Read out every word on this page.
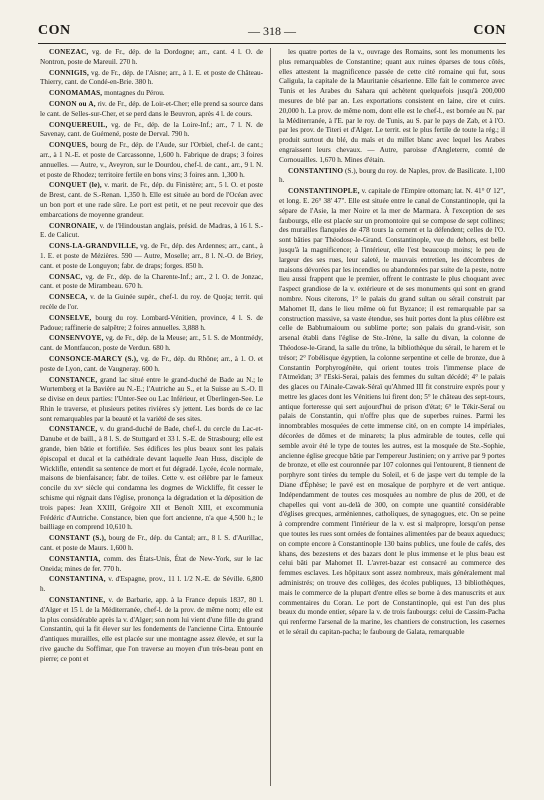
CON	— 318 —	CON

CONEZAC, vg. de Fr., dép. de la Dordogne; arr., cant. 4 l. O. de Nontron, poste de Mareuil. 270 h.

CONNIGIS, vg. de Fr., dép. de l'Aisne; arr., à 1. E. et poste de Château-Thierry, cant. de Condé-en-Brie. 380 h.

CONOMAMAS, montagnes du Pérou.

CONON ou A, riv. de Fr., dép. de Loir-et-Cher; elle prend sa source dans le cant. de Selles-sur-Cher, et se perd dans le Beuvron, après 4 l. de cours.

CONQUEREUIL, vg. de Fr., dép. de la Loire-Inf.; arr., 7 l. N. de Savenay, cant. de Guémené, poste de Derval. 790 h.

CONQUES, bourg de Fr., dép. de l'Aude, sur l'Orbiel, chef-l. de cant.; arr., à 1 N.-E. et poste de Carcassonne, 1,600 h. Fabrique de draps; 3 foires annuelles. — Autre, v., Aveyron, sur le Dourdou, chef-l. de cant., arr., 9 l. N. et poste de Rhodez; territoire fertile en bons vins; 3 foires ann. 1,300 h.

CONQUET (le), v. marit. de Fr., dép. du Finistère; arr., 5 l. O. et poste de Brest, cant. de S.-Renan. 1,350 h. Elle est située au bord de l'Océan avec un bon port et une rade sûre. Le port est petit, et ne peut recevoir que des embarcations de moyenne grandeur.

CONRONAIE, v. de l'Hindoustan anglais, présid. de Madras, à 16 l. S.-E. de Calicut.

CONS-LA-GRANDVILLE, vg. de Fr., dép. des Ardennes; arr., cant., à 1. E. et poste de Mézières. 590 — Autre, Moselle; arr., 8 l. N.-O. de Briey, cant. et poste de Longuyon; fabr. de draps; forges. 850 h.

CONSAC, vg. de Fr., dép. de la Charente-Inf.; arr., 2 l. O. de Jonzac, cant. et poste de Mirambeau. 670 h.

CONSECA, v. de la Guinée supér., chef-l. du roy. de Quoja; territ. qui recèle de l'or.

CONSELVE, bourg du roy. Lombard-Vénitien, province, 4 l. S. de Padoue; raffinerie de salpêtre; 2 foires annuelles. 3,888 h.

CONSENVOYE, vg. de Fr., dép. de la Meuse; arr., 5 l. S. de Montmédy, cant. de Montfaucon, poste de Verdun. 680 h.

CONSONCE-MARCY (S.), vg. de Fr., dép. du Rhône; arr., à 1. O. et poste de Lyon, cant. de Vaugneray. 600 h.

CONSTANCE, grand lac situé entre le grand-duché de Bade au N.; le Wurtemberg et la Bavière au N.-E.; l'Autriche au S., et la Suisse au S.-O. Il se divise en deux parties: l'Unter-See ou Lac Inférieur, et Überlingen-See. Le Rhin le traverse, et plusieurs petites rivières s'y jettent. Les bords de ce lac sont remarquables par la beauté et la variété de ses sites.

CONSTANCE, v. du grand-duché de Bade, chef-l. du cercle du Lac-et-Danube et de baill., à 8 l. S. de Stuttgard et 33 l. S.-E. de Strasbourg; elle est grande, bien bâtie et fortifiée. Ses édifices les plus beaux sont les palais épiscopal et ducal et la cathédrale devant laquelle Jean Huss, disciple de Wicklifle, entendit sa sentence de mort et fut dégradé. Lycée, école normale, maisons de bienfaisance; fabr. de toiles. Cette v. est célèbre par le fameux concile du xvᵉ siècle qui condamna les dogmes de Wickliffe, fit cesser le schisme qui régnait dans l'église, prononça la dégradation et la déposition de trois papes: Jean XXIII, Grégoire XII et Benoît XIII, et excommunia Frédéric d'Autriche. Constance, bien que fort ancienne, n'a que 4,500 h.; le bailliage en comprend 10,610 h.

CONSTANT (S.), bourg de Fr., dép. du Cantal; arr., 8 l. S. d'Aurillac, cant. et poste de Maurs. 1,600 h.

CONSTANTIA, comm. des États-Unis, État de New-York, sur le lac Oneida; mines de fer. 770 h.

CONSTANTINA, v. d'Espagne, prov., 11 l. 1/2 N.-E. de Séville. 6,800 h.

CONSTANTINE, v. de Barbarie, app. à la France depuis 1837, 80 l. d'Alger et 15 l. de la Méditerranée, chef-l. de la prov. de même nom; elle est la plus considérable après la v. d'Alger; son nom lui vient d'une fille du grand Constantin, qui la fit élever sur les fondements de l'ancienne Cirta. Entourée d'antiques murailles, elle est placée sur une montagne assez élevée, et sur la rive gauche du Soffimar, que l'on traverse au moyen d'un très-beau pont en pierre; ce pont et

les quatre portes de la v., ouvrage des Romains, sont les monuments les plus remarquables de Constantine; quant aux ruines éparses de tous côtés, elles attestent la magnificence passée de cette cité romaine qui fut, sous Caligula, la capitale de la Mauritanie césarienne. Elle fait le commerce avec Tunis et les Arabes du Sahara qui achètent quelquefois jusqu'à 200,000 mesures de blé par an. Les exportations consistent en laine, cire et cuirs. 20,000 h. La prov. de même nom, dont elle est le chef-l., est bornée au N. par la Méditerranée, à l'E. par le roy. de Tunis, au S. par le pays de Zab, et à l'O. par les prov. de Titeri et d'Alger. Le territ. est le plus fertile de toute la rég.; il produit surtout du blé, du maïs et du millet blanc avec lequel les Arabes engraissent leurs chevaux. — Autre, paroisse d'Angleterre, comté de Cornouailles. 1,670 h. Mines d'étain.

CONSTANTINO (S.), bourg du roy. de Naples, prov. de Basilicate. 1,100 h.

CONSTANTINOPLE, v. capitale de l'Empire ottoman; lat. N. 41° 0' 12", et long. E. 26° 38' 47". Elle est située entre le canal de Constantinople, qui la sépare de l'Asie, la mer Noire et la mer de Marmara. À l'exception de ses faubourgs, elle est placée sur un promontoire qui se compose de sept collines; des murailles flanquées de 478 tours la cernent et la défendent; celles de l'O. sont bâties par Théodose-le-Grand. Constantinople, vue du dehors, est belle jusqu'à la magnificence; à l'intérieur, elle l'est beaucoup moins; le peu de largeur des ses rues, leur saleté, le mauvais entretien, les décombres de maisons dévorées par les incendies ou abandonnées par suite de la peste, notre lieu aussi frappent que le premier, offrent le contraste le plus choquant avec l'aspect grandiose de la v. extérieure et de ses monuments qui sont en grand nombre. Nous citerons, 1° le palais du grand sultan ou sérail construit par Mahomet II, dans le lieu même où fut Byzance; il est remarquable par sa construction massive, sa vaste étendue, ses huit portes dont la plus célèbre est celle de Babhumaioum ou sublime porte; son palais du grand-visir, son arsenal établi dans l'église de Ste.-Irène, la salle du divan, la colonne de Théodose-le-Grand, la salle du trône, la bibliothèque du sérail, le harem et le trésor; 2° l'obélisque égyptien, la colonne serpentine et celle de bronze, due à Constantin Porphyrogénète, qui orient toutes trois l'immense place de l'Atmeïdan; 3° l'Eski-Serai, palais des femmes du sultan décédé; 4° le palais des glaces ou l'Ainale-Cawak-Séraï qu'Ahmed III fit construire exprès pour y mettre les glaces dont les Vénitiens lui firent don; 5° le château des sept-tours, antique forteresse qui sert aujourd'hui de prison d'état; 6° le Tékir-Seraï ou palais de Constantin, qui n'offre plus que de superbes ruines. Parmi les innombrables mosquées de cette immense cité, on en compte 14 impériales, décorées de dômes et de minarets; la plus admirable de toutes, celle qui semble avoir été le type de toutes les autres, est la mosquée de Ste.-Sophie, ancienne église grecque bâtie par l'empereur Justinien; on y arrive par 9 portes de bronze, et elle est couronnée par 107 colonnes qui l'entourent, 8 tiennent de porphyre sont tirées du temple du Soleil, et 6 de jaspe vert du temple de la Diane d'Éphèse; le pavé est en mosaïque de porphyre et de vert antique. Indépendamment de toutes ces mosquées au nombre de plus de 200, et de chapelles qui vont au-delà de 300, on compte une quantité considérable d'églises grecques, arméniennes, catholiques, de synagogues, etc. On se peine à comprendre comment l'intérieur de la v. est si malpropre, lorsqu'on pense que toutes les rues sont ornées de fontaines alimentées par de beaux aqueducs; on compte encore à Constantinople 130 bains publics, une foule de cafés, des khans, des bezestens et des bazars dont le plus immense et le plus beau est celui bâti par Mahomet II. L'avret-bazar est consacré au commerce des femmes esclaves. Les hôpitaux sont assez nombreux, mais généralement mal administrés; on trouve des collèges, des écoles publiques, 13 bibliothèques, mais le commerce de la plupart d'entre elles se borne à des manuscrits et aux commentaires du Coran. Le port de Constantinople, qui est l'un des plus beaux du monde entier, sépare la v. de trois faubourgs: celui de Cassim-Pacha qui renferme l'arsenal de la marine, les chantiers de construction, les casernes et le sérail du capitan-pacha; le faubourg de Galata, remarquable
